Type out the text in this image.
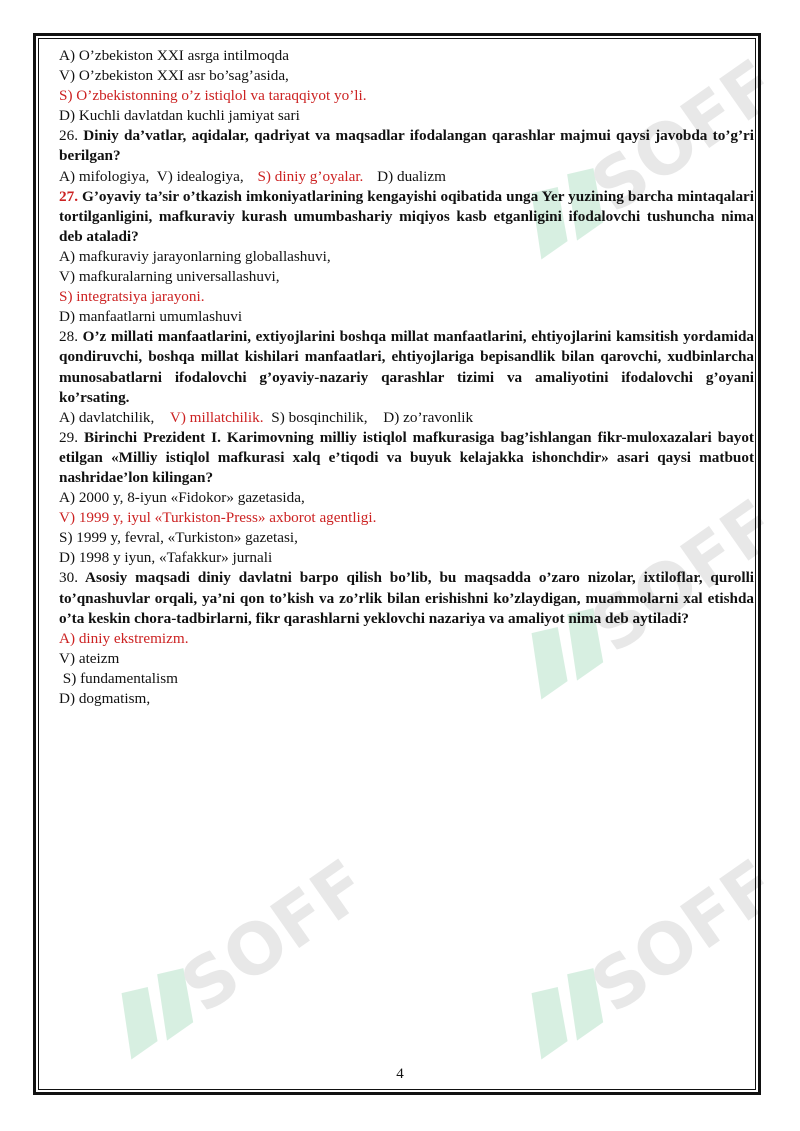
SOFF
SOFF
SOFF	SOFF
A) O’zbekiston XXI asrga intilmoqda
V) O’zbekiston XXI asr bo’sag’asida,
S) O’zbekistonning o’z istiqlol va taraqqiyot yo’li.
D) Kuchli davlatdan kuchli jamiyat sari
26. Diniy da’vatlar, aqidalar, qadriyat va maqsadlar ifodalangan qarashlar majmui qaysi javobda to’g’ri berilgan?
A) mifologiya, V) idealogiya, S) diniy g’oyalar. D) dualizm
27. G’oyaviy ta’sir o’tkazish imkoniyatlarining kengayishi oqibatida unga Yer yuzining barcha mintaqalari tortilganligini, mafkuraviy kurash umumbashariy miqiyos kasb etganligini ifodalovchi tushuncha nima deb ataladi?
A) mafkuraviy jarayonlarning globallashuvi,
V) mafkuralarning universallashuvi,
S) integratsiya jarayoni.
D) manfaatlarni umumlashuvi
28. O’z millati manfaatlarini, extiyojlarini boshqa millat manfaatlarini, ehtiyojlarini kamsitish yordamida qondiruvchi, boshqa millat kishilari manfaatlari, ehtiyojlariga bepisandlik bilan qarovchi, xudbinlarcha munosabatlarni ifodalovchi g’oyaviy-nazariy qarashlar tizimi va amaliyotini ifodalovchi g’oyani ko’rsating.
A) davlatchilik, V) millatchilik. S) bosqinchilik, D) zo’ravonlik
29. Birinchi Prezident I. Karimovning milliy istiqlol mafkurasiga bag’ishlangan fikr-muloxazalari bayot etilgan «Milliy istiqlol mafkurasi xalq e’tiqodi va buyuk kelajakka ishonchdir» asari qaysi matbuot nashridae’lon kilingan?
A) 2000 y, 8-iyun «Fidokor» gazetasida,
V) 1999 y, iyul «Turkiston-Press» axborot agentligi.
S) 1999 y, fevral, «Turkiston» gazetasi,
D) 1998 y iyun, «Tafakkur» jurnali
30. Asosiy maqsadi diniy davlatni barpo qilish bo’lib, bu maqsadda o’zaro nizolar, ixtiloflar, qurolli to’qnashuvlar orqali, ya’ni qon to’kish va zo’rlik bilan erishishni ko’zlaydigan, muammolarni xal etishda o’ta keskin chora-tadbirlarni, fikr qarashlarni yeklovchi nazariya va amaliyot nima deb aytiladi?
A) diniy ekstremizm.
V) ateizm
S) fundamentalism
D) dogmatism,
4
